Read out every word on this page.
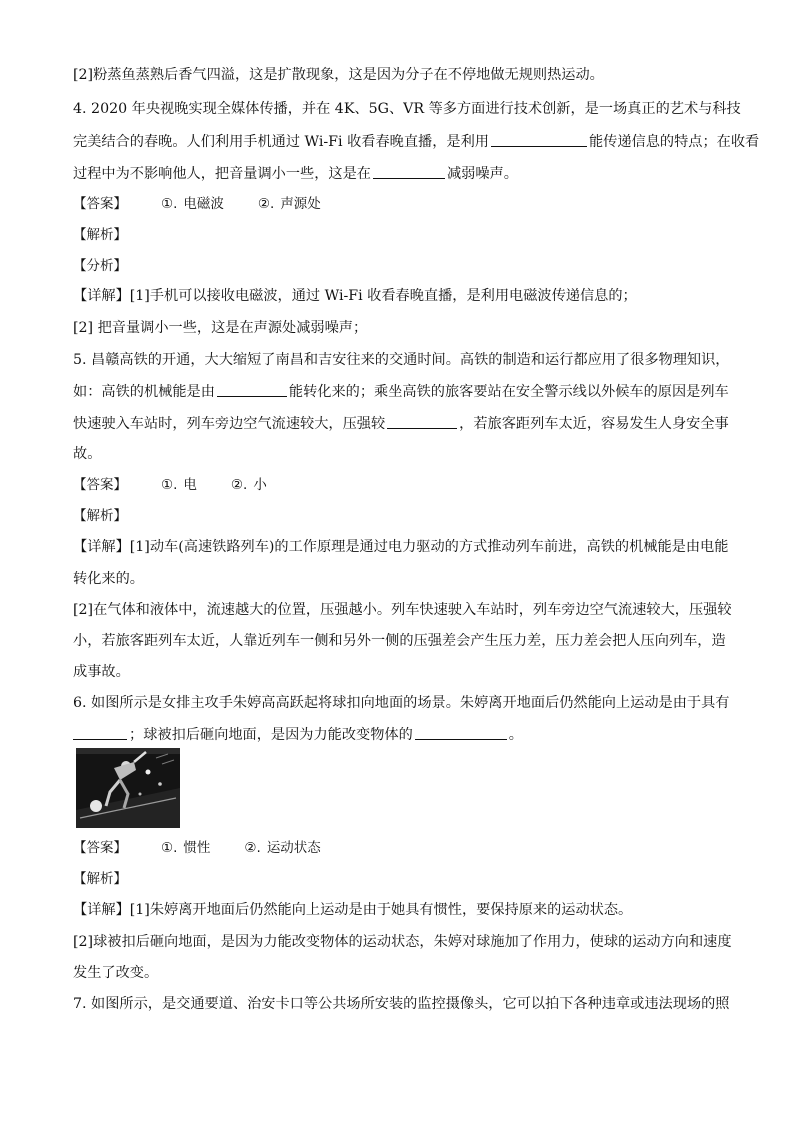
[2]粉蒸鱼蒸熟后香气四溢，这是扩散现象，这是因为分子在不停地做无规则热运动。
4. 2020 年央视晚实现全媒体传播，并在 4K、5G、VR 等多方面进行技术创新，是一场真正的艺术与科技
完美结合的春晚。人们利用手机通过 Wi-Fi 收看春晚直播，是利用	能传递信息的特点；在收看
过程中为不影响他人，把音量调小一些，这是在	减弱噪声。
【答案】	①. 电磁波	②. 声源处
【解析】
【分析】
【详解】[1]手机可以接收电磁波，通过 Wi-Fi 收看春晚直播，是利用电磁波传递信息的；
[2] 把音量调小一些，这是在声源处减弱噪声；
5. 昌赣高铁的开通，大大缩短了南昌和吉安往来的交通时间。高铁的制造和运行都应用了很多物理知识，
如：高铁的机械能是由	能转化来的；乘坐高铁的旅客要站在安全警示线以外候车的原因是列车
快速驶入车站时，列车旁边空气流速较大，压强较	，若旅客距列车太近，容易发生人身安全事
故。
【答案】	①. 电	②. 小
【解析】
【详解】[1]动车(高速铁路列车)的工作原理是通过电力驱动的方式推动列车前进，高铁的机械能是由电能
转化来的。
[2]在气体和液体中，流速越大的位置，压强越小。列车快速驶入车站时，列车旁边空气流速较大，压强较
小，若旅客距列车太近，人靠近列车一侧和另外一侧的压强差会产生压力差，压力差会把人压向列车，造
成事故。
6. 如图所示是女排主攻手朱婷高高跃起将球扣向地面的场景。朱婷离开地面后仍然能向上运动是由于具有
；球被扣后砸向地面，是因为力能改变物体的	。
【答案】	①. 惯性	②. 运动状态
【解析】
【详解】[1]朱婷离开地面后仍然能向上运动是由于她具有惯性，要保持原来的运动状态。
[2]球被扣后砸向地面，是因为力能改变物体的运动状态，朱婷对球施加了作用力，使球的运动方向和速度
发生了改变。
7. 如图所示，是交通要道、治安卡口等公共场所安装的监控摄像头，它可以拍下各种违章或违法现场的照
